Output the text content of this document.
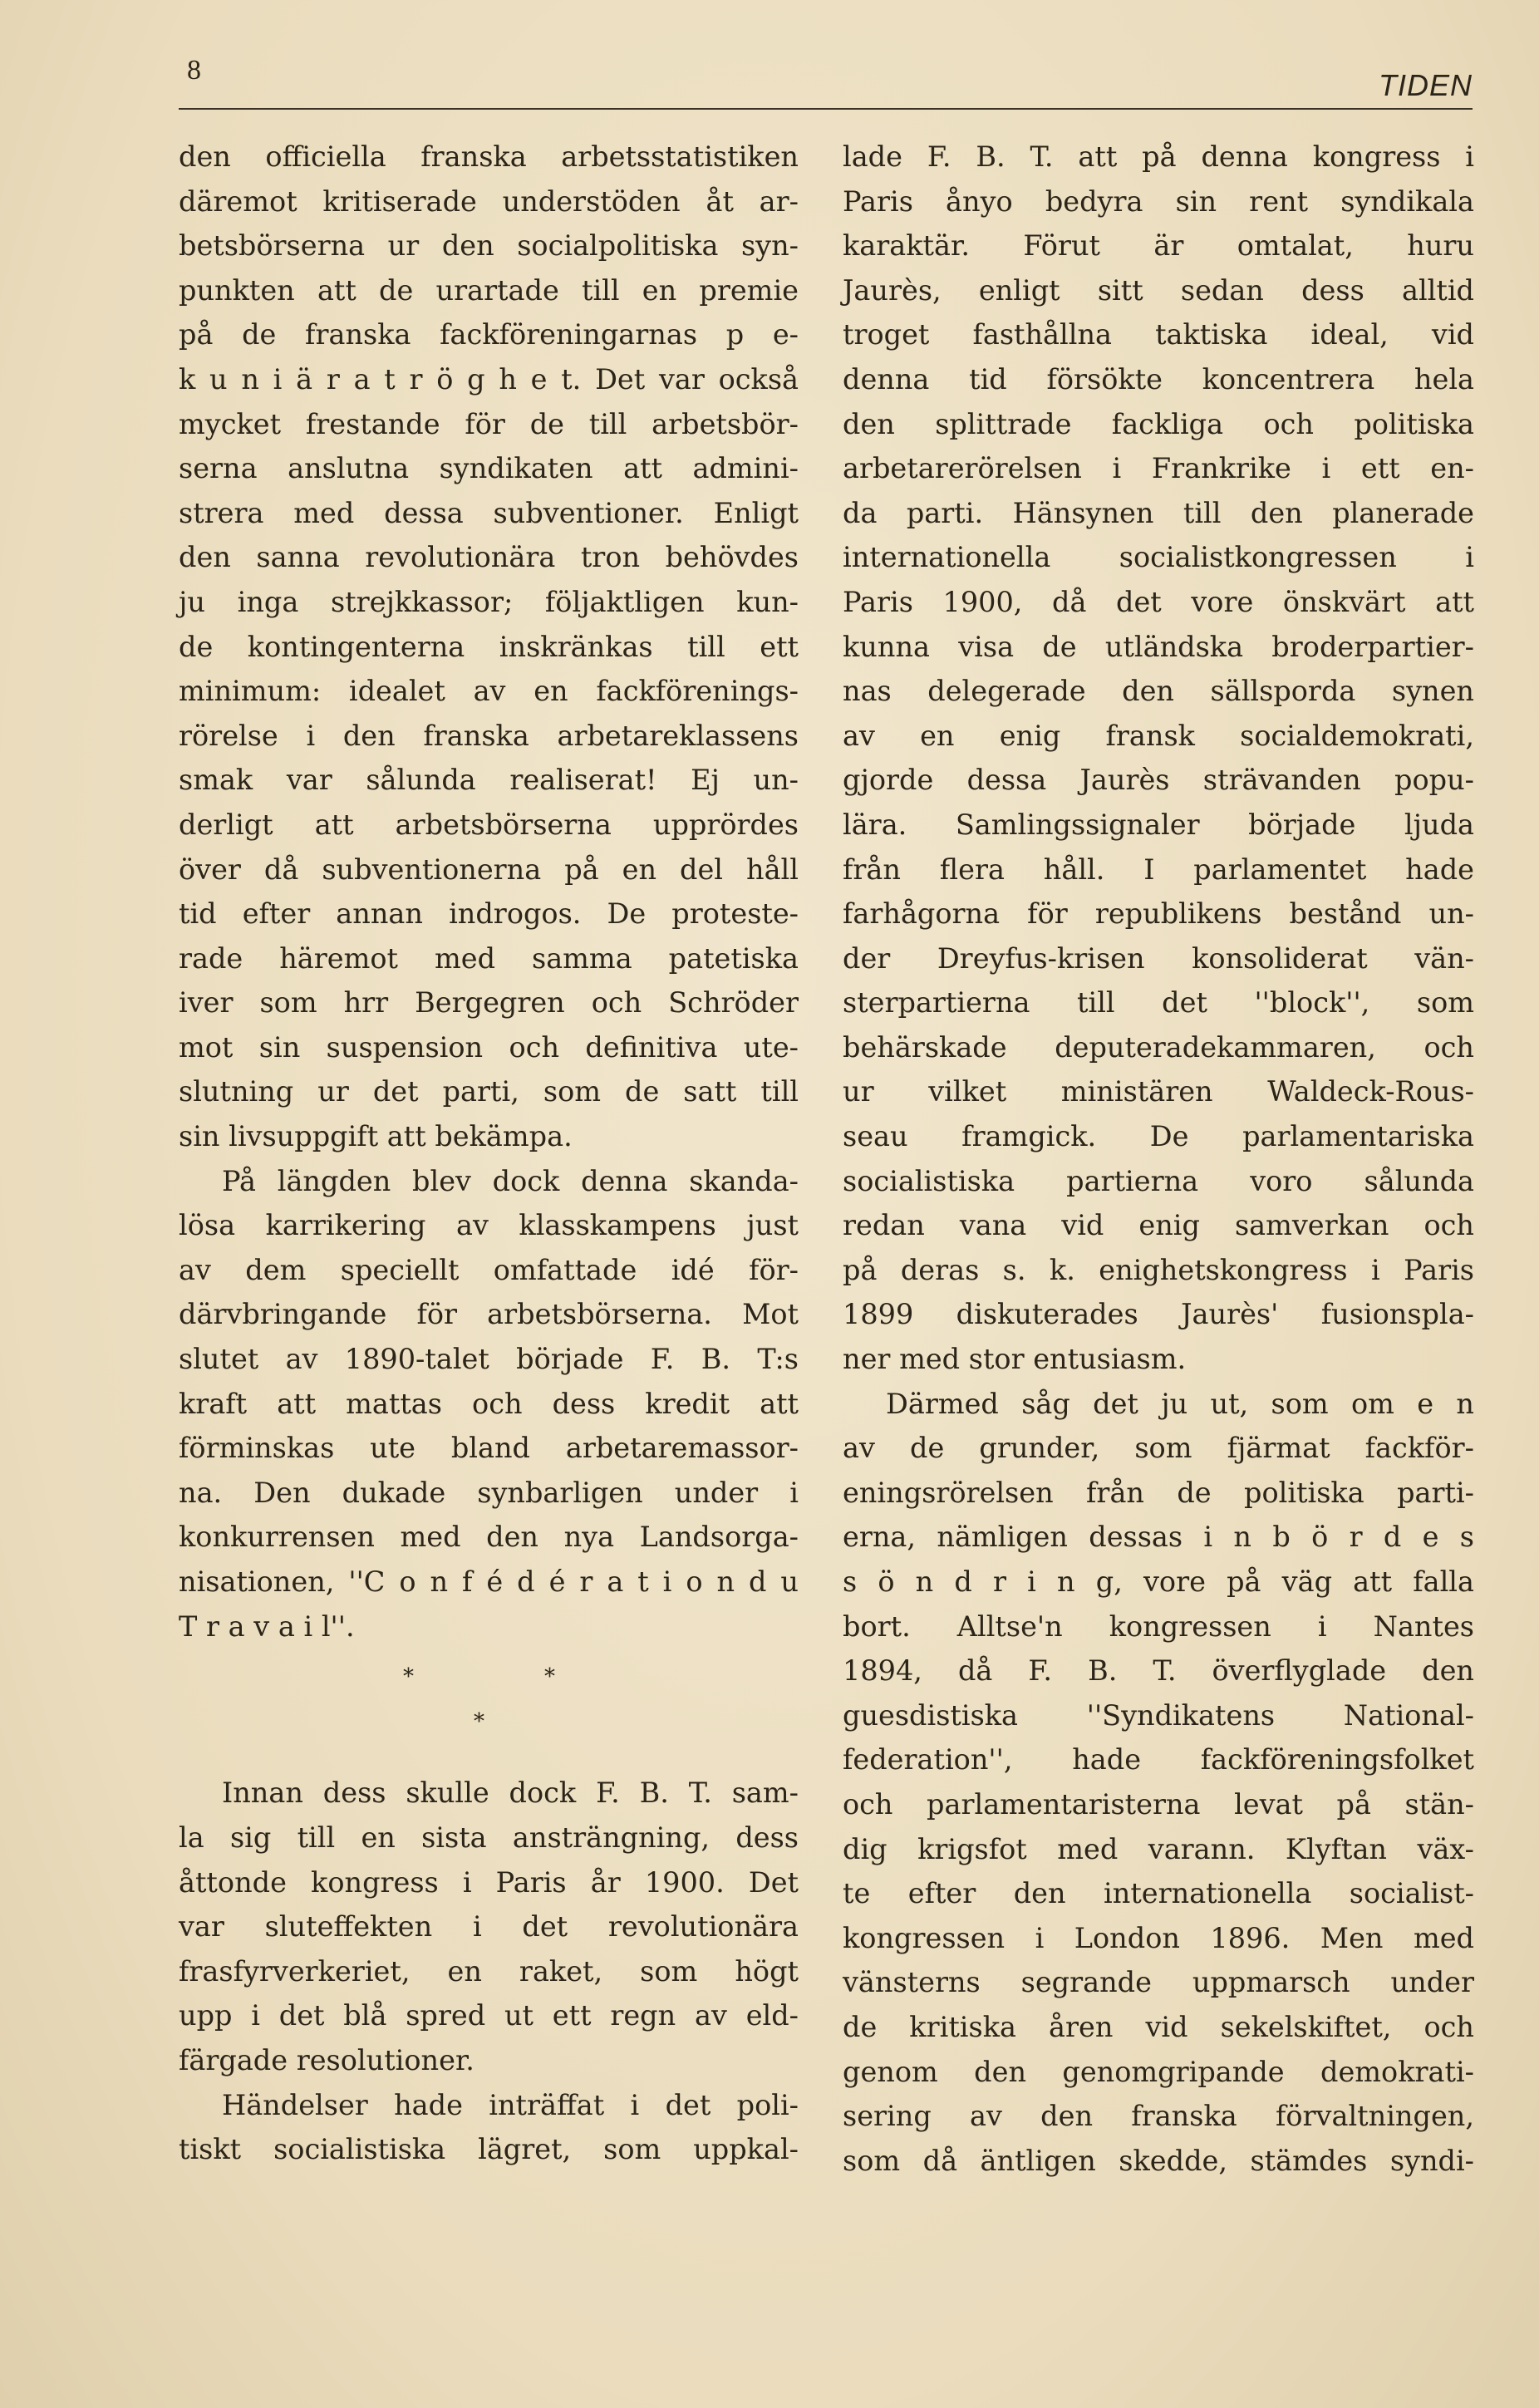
8	TIDEN
den officiella franska arbetsstatistiken
däremot kritiserade understöden åt ar-
betsbörserna ur den socialpolitiska syn-
punkten att de urartade till en premie
på de franska fackföreningarnas p e-
k u n i ä r a t r ö g h e t. Det var också
mycket frestande för de till arbetsbör-
serna anslutna syndikaten att admini-
strera med dessa subventioner. Enligt
den sanna revolutionära tron behövdes
ju inga strejkkassor; följaktligen kun-
de kontingenterna inskränkas till ett
minimum: idealet av en fackförenings-
rörelse i den franska arbetareklassens
smak var sålunda realiserat! Ej un-
derligt att arbetsbörserna upprördes
över då subventionerna på en del håll
tid efter annan indrogos. De proteste-
rade häremot med samma patetiska
iver som hrr Bergegren och Schröder
mot sin suspension och definitiva ute-
slutning ur det parti, som de satt till
sin livsuppgift att bekämpa.
På längden blev dock denna skanda-
lösa karrikering av klasskampens just
av dem speciellt omfattade idé för-
därvbringande för arbetsbörserna. Mot
slutet av 1890-talet började F. B. T:s
kraft att mattas och dess kredit att
förminskas ute bland arbetaremassor-
na. Den dukade synbarligen under i
konkurrensen med den nya Landsorga-
nisationen, ''C o n f é d é r a t i o n d u
T r a v a i l''.
*	*
*
Innan dess skulle dock F. B. T. sam-
la sig till en sista ansträngning, dess
åttonde kongress i Paris år 1900. Det
var sluteffekten i det revolutionära
frasfyrverkeriet, en raket, som högt
upp i det blå spred ut ett regn av eld-
färgade resolutioner.
Händelser hade inträffat i det poli-
tiskt socialistiska lägret, som uppkal-
lade F. B. T. att på denna kongress i
Paris ånyo bedyra sin rent syndikala
karaktär. Förut är omtalat, huru
Jaurès, enligt sitt sedan dess alltid
troget fasthållna taktiska ideal, vid
denna tid försökte koncentrera hela
den splittrade fackliga och politiska
arbetarerörelsen i Frankrike i ett en-
da parti. Hänsynen till den planerade
internationella socialistkongressen i
Paris 1900, då det vore önskvärt att
kunna visa de utländska broderpartier-
nas delegerade den sällsporda synen
av en enig fransk socialdemokrati,
gjorde dessa Jaurès strävanden popu-
lära. Samlingssignaler började ljuda
från flera håll. I parlamentet hade
farhågorna för republikens bestånd un-
der Dreyfus-krisen konsoliderat vän-
sterpartierna till det ''block'', som
behärskade deputeradekammaren, och
ur vilket ministären Waldeck-Rous-
seau framgick. De parlamentariska
socialistiska partierna voro sålunda
redan vana vid enig samverkan och
på deras s. k. enighetskongress i Paris
1899 diskuterades Jaurès' fusionspla-
ner med stor entusiasm.
Därmed såg det ju ut, som om e n
av de grunder, som fjärmat fackför-
eningsrörelsen från de politiska parti-
erna, nämligen dessas i n b ö r d e s
s ö n d r i n g, vore på väg att falla
bort. Alltse'n kongressen i Nantes
1894, då F. B. T. överflyglade den
guesdistiska ''Syndikatens National-
federation'', hade fackföreningsfolket
och parlamentaristerna levat på stän-
dig krigsfot med varann. Klyftan väx-
te efter den internationella socialist-
kongressen i London 1896. Men med
vänsterns segrande uppmarsch under
de kritiska åren vid sekelskiftet, och
genom den genomgripande demokrati-
sering av den franska förvaltningen,
som då äntligen skedde, stämdes syndi-
